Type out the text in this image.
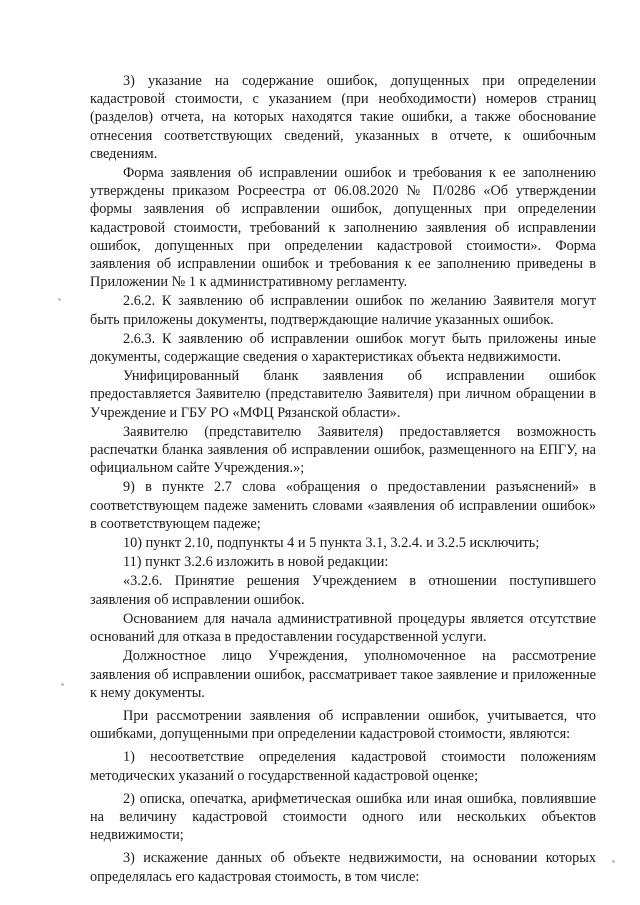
3) указание на содержание ошибок, допущенных при определении кадастровой стоимости, с указанием (при необходимости) номеров страниц (разделов) отчета, на которых находятся такие ошибки, а также обоснование отнесения соответствующих сведений, указанных в отчете, к ошибочным сведениям.

Форма заявления об исправлении ошибок и требования к ее заполнению утверждены приказом Росреестра от 06.08.2020 № П/0286 «Об утверждении формы заявления об исправлении ошибок, допущенных при определении кадастровой стоимости, требований к заполнению заявления об исправлении ошибок, допущенных при определении кадастровой стоимости». Форма заявления об исправлении ошибок и требования к ее заполнению приведены в Приложении № 1 к административному регламенту.

2.6.2. К заявлению об исправлении ошибок по желанию Заявителя могут быть приложены документы, подтверждающие наличие указанных ошибок.

2.6.3. К заявлению об исправлении ошибок могут быть приложены иные документы, содержащие сведения о характеристиках объекта недвижимости.

Унифицированный бланк заявления об исправлении ошибок предоставляется Заявителю (представителю Заявителя) при личном обращении в Учреждение и ГБУ РО «МФЦ Рязанской области».

Заявителю (представителю Заявителя) предоставляется возможность распечатки бланка заявления об исправлении ошибок, размещенного на ЕПГУ, на официальном сайте Учреждения.»;

9) в пункте 2.7 слова «обращения о предоставлении разъяснений» в соответствующем падеже заменить словами «заявления об исправлении ошибок» в соответствующем падеже;

10) пункт 2.10, подпункты 4 и 5 пункта 3.1, 3.2.4. и 3.2.5 исключить;

11) пункт 3.2.6 изложить в новой редакции:

«3.2.6. Принятие решения Учреждением в отношении поступившего заявления об исправлении ошибок.

Основанием для начала административной процедуры является отсутствие оснований для отказа в предоставлении государственной услуги.

Должностное лицо Учреждения, уполномоченное на рассмотрение заявления об исправлении ошибок, рассматривает такое заявление и приложенные к нему документы.

При рассмотрении заявления об исправлении ошибок, учитывается, что ошибками, допущенными при определении кадастровой стоимости, являются:

1) несоответствие определения кадастровой стоимости положениям методических указаний о государственной кадастровой оценке;

2) описка, опечатка, арифметическая ошибка или иная ошибка, повлиявшие на величину кадастровой стоимости одного или нескольких объектов недвижимости;

3) искажение данных об объекте недвижимости, на основании которых определялась его кадастровая стоимость, в том числе:
